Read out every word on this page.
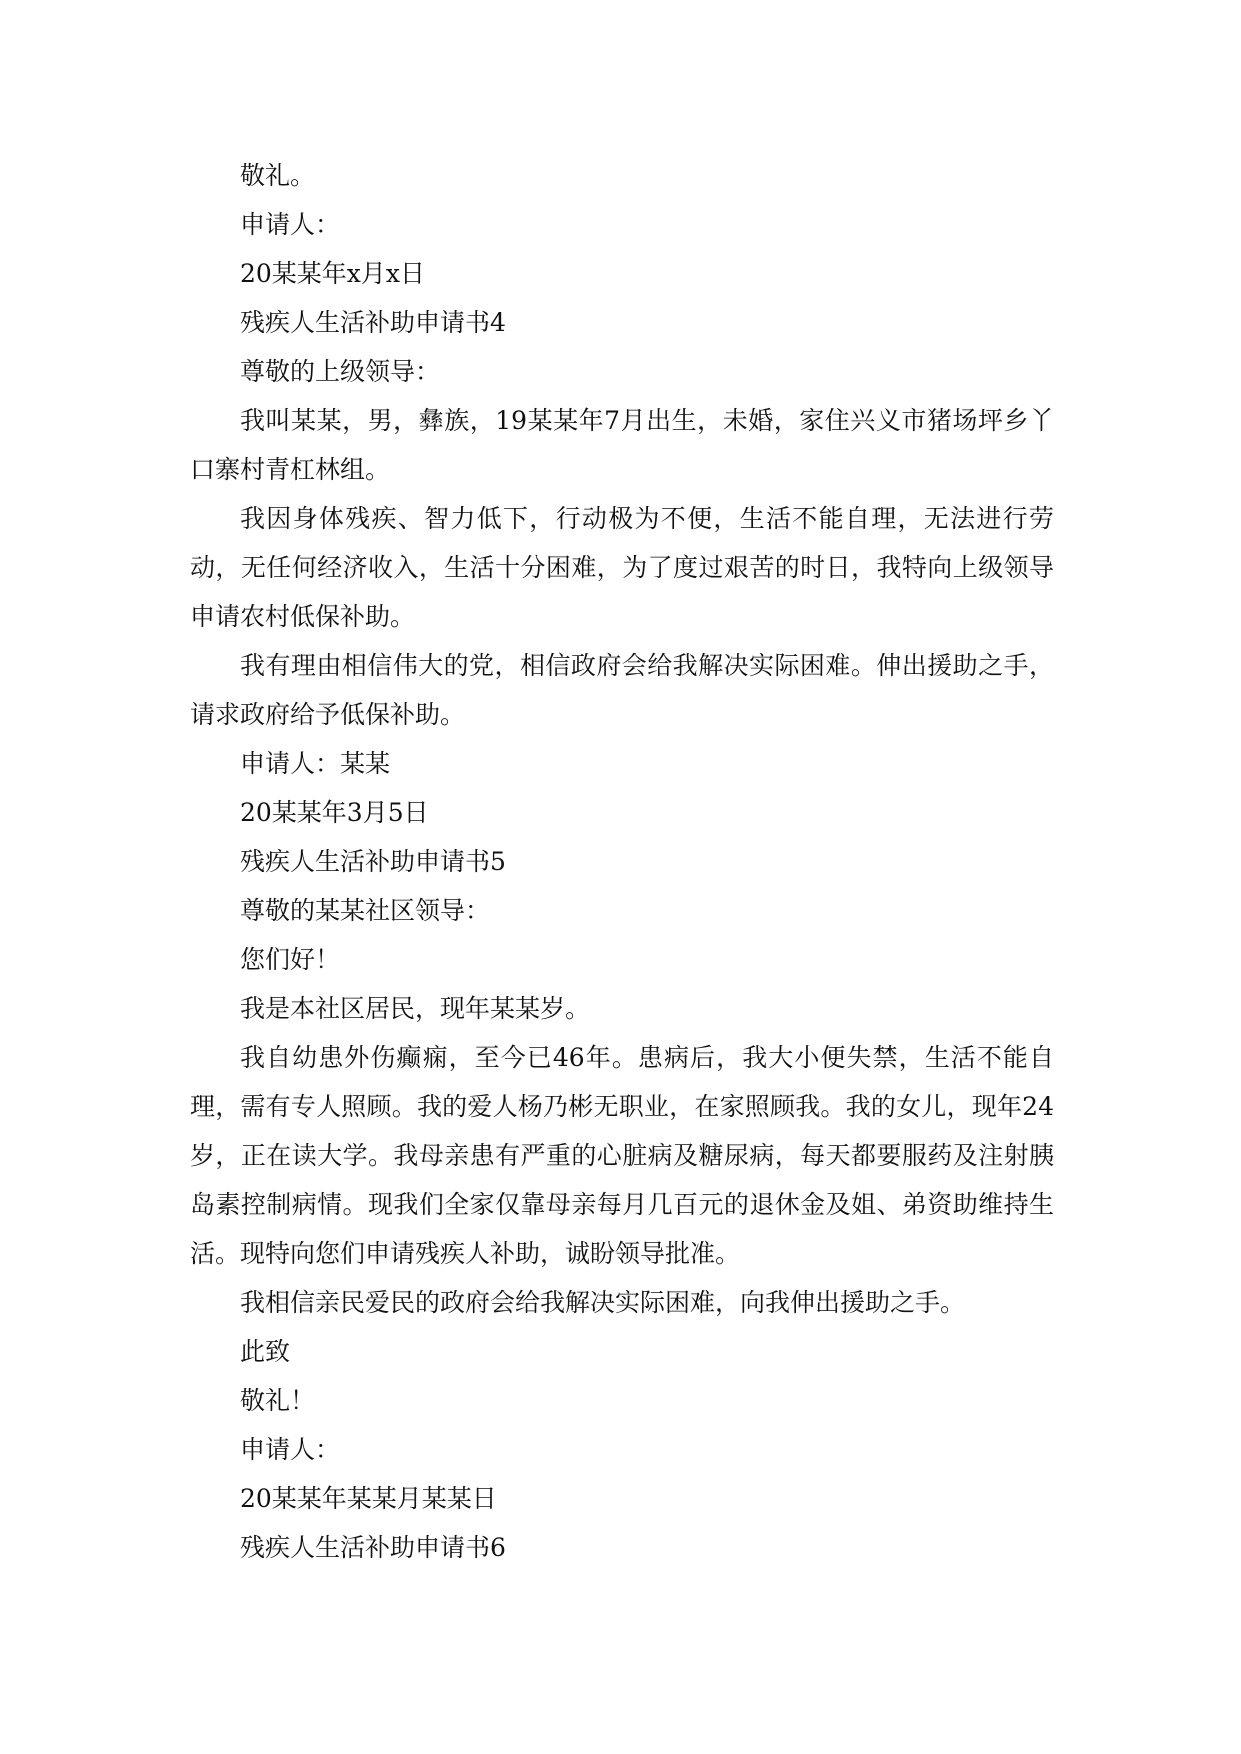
敬礼。

申请人：

20某某年x月x日

残疾人生活补助申请书4

尊敬的上级领导：

我叫某某，男，彝族，19某某年7月出生，未婚，家住兴义市猪场坪乡丫口寨村青杠林组。

我因身体残疾、智力低下，行动极为不便，生活不能自理，无法进行劳动，无任何经济收入，生活十分困难，为了度过艰苦的时日，我特向上级领导申请农村低保补助。

我有理由相信伟大的党，相信政府会给我解决实际困难。伸出援助之手，请求政府给予低保补助。

申请人：某某

20某某年3月5日

残疾人生活补助申请书5

尊敬的某某社区领导：

您们好！

我是本社区居民，现年某某岁。

我自幼患外伤癫痫，至今已46年。患病后，我大小便失禁，生活不能自理，需有专人照顾。我的爱人杨乃彬无职业，在家照顾我。我的女儿，现年24岁，正在读大学。我母亲患有严重的心脏病及糖尿病，每天都要服药及注射胰岛素控制病情。现我们全家仅靠母亲每月几百元的退休金及姐、弟资助维持生活。现特向您们申请残疾人补助，诚盼领导批准。

我相信亲民爱民的政府会给我解决实际困难，向我伸出援助之手。

此致

敬礼！

申请人：

20某某年某某月某某日

残疾人生活补助申请书6
